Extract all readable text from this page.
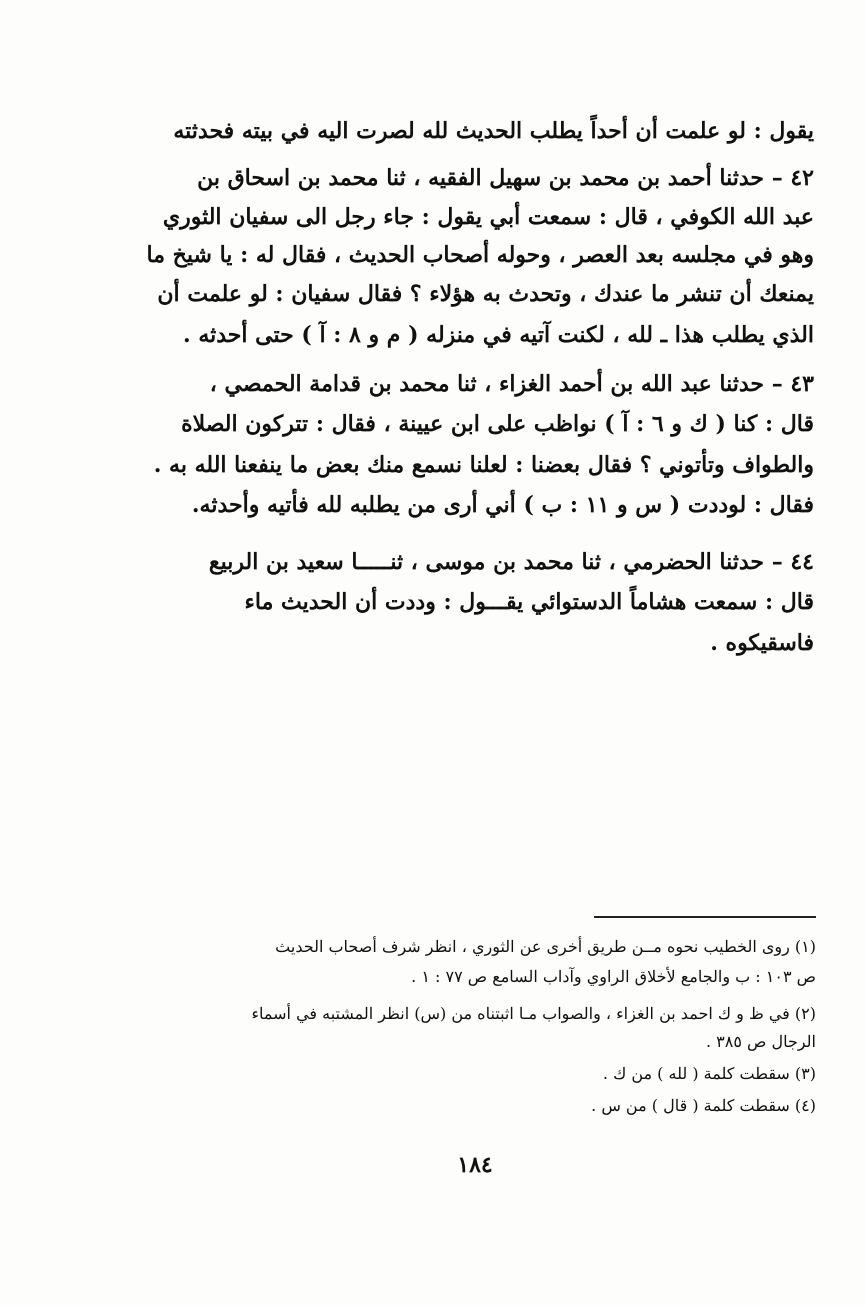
يقول : لو علمت أن أحداً يطلب الحديث لله لصرت اليه في بيته فحدثته
٤٢ – حدثنا أحمد بن محمد بن سهيل الفقيه ، ثنا محمد بن اسحاق بن
عبد الله الكوفي ، قال : سمعت أبي يقول : جاء رجل الى سفيان الثوري
وهو في مجلسه بعد العصر ، وحوله أصحاب الحديث ، فقال له : يا شيخ ما
يمنعك أن تنشر ما عندك ، وتحدث به هؤلاء ؟ فقال سفيان : لو علمت أن
الذي يطلب هذا ـ لله ، لكنت آتيه في منزله ( م و ٨ : آ ) حتى أحدثه .
٤٣ – حدثنا عبد الله بن أحمد الغزاء ، ثنا محمد بن قدامة الحمصي ،
قال : كنا ( ك و ٦ : آ ) نواظب على ابن عيينة ، فقال : تتركون الصلاة
والطواف وتأتوني ؟ فقال بعضنا : لعلنا نسمع منك بعض ما ينفعنا الله به .
فقال : لوددت ( س و ١١ : ب ) أني أرى من يطلبه لله فأتيه وأحدثه.
٤٤ – حدثنا الحضرمي ، ثنا محمد بن موسى ، ثنـــــا سعيد بن الربيع
قال : سمعت هشاماً الدستوائي يقـــول : وددت أن الحديث ماء
فاسقيكوه .
(١) روى الخطيب نحوه مــن طريق أخرى عن الثوري ، انظر شرف أصحاب الحديث
ص ١٠٣ : ب والجامع لأخلاق الراوي وآداب السامع ص ٧٧ : ١ .
(٢) في ظ و ك احمد بن الغزاء ، والصواب مـا اثبتناه من (س) انظر المشتبه في أسماء
الرجال ص ٣٨٥ .
(٣) سقطت كلمة ( لله ) من ك .
(٤) سقطت كلمة ( قال ) من س .
١٨٤
